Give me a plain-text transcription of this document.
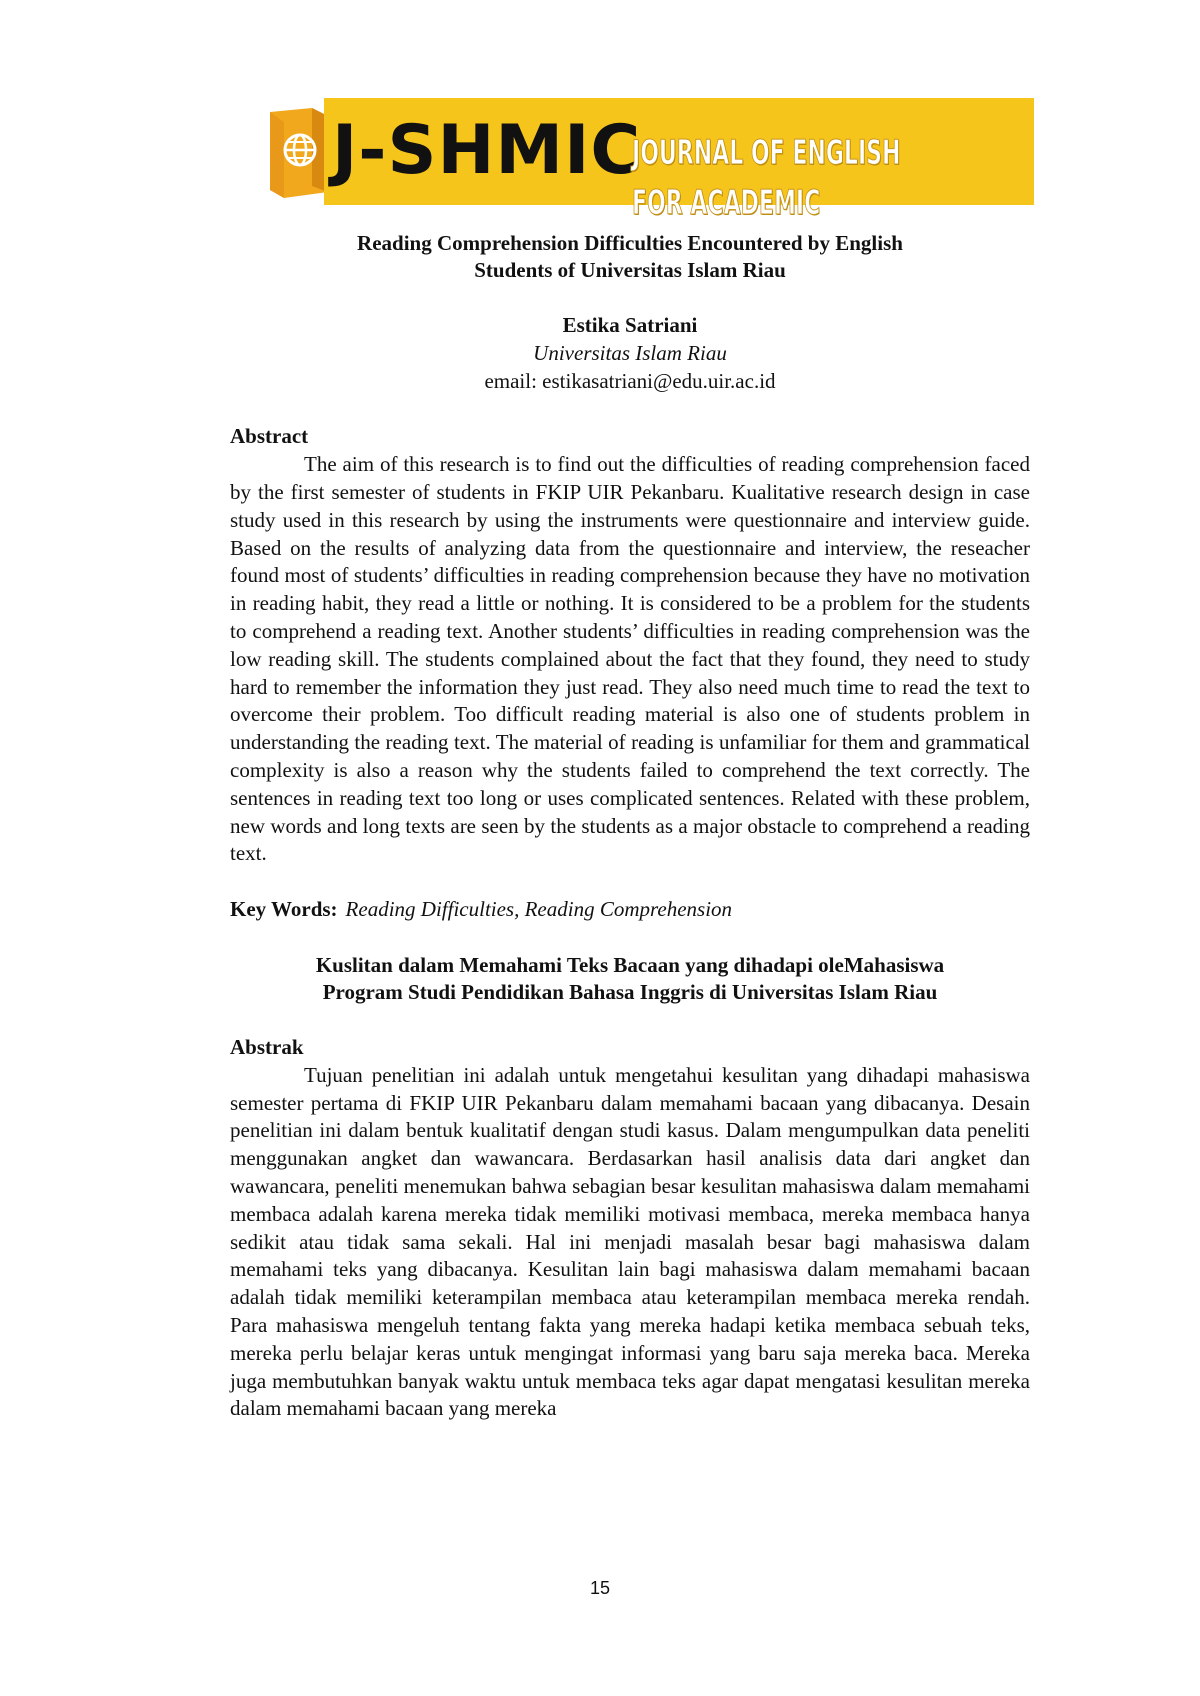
J-SHMIC
JOURNAL OF ENGLISH FOR ACADEMIC
Reading Comprehension Difficulties Encountered by English
Students of Universitas Islam Riau
Estika Satriani
Universitas Islam Riau
email: estikasatriani@edu.uir.ac.id
Abstract

The aim of this research is to find out the difficulties of reading comprehension faced by the first semester of students in FKIP UIR Pekanbaru. Kualitative research design in case study used in this research by using the instruments were questionnaire and interview guide. Based on the results of analyzing data from the questionnaire and interview, the reseacher found most of students’ difficulties in reading comprehension because they have no motivation in reading habit, they read a little or nothing. It is considered to be a problem for the students to comprehend a reading text. Another students’ difficulties in reading comprehension was the low reading skill. The students complained about the fact that they found, they need to study hard to remember the information they just read. They also need much time to read the text to overcome their problem. Too difficult reading material is also one of students problem in understanding the reading text. The material of reading is unfamiliar for them and grammatical complexity is also a reason why the students failed to comprehend the text correctly. The sentences in reading text too long or uses complicated sentences. Related with these problem, new words and long texts are seen by the students as a major obstacle to comprehend a reading text.

Key Words: Reading Difficulties, Reading Comprehension
Kuslitan dalam Memahami Teks Bacaan yang dihadapi oleMahasiswa
Program Studi Pendidikan Bahasa Inggris di Universitas Islam Riau
Abstrak

Tujuan penelitian ini adalah untuk mengetahui kesulitan yang dihadapi mahasiswa semester pertama di FKIP UIR Pekanbaru dalam memahami bacaan yang dibacanya. Desain penelitian ini dalam bentuk kualitatif dengan studi kasus. Dalam mengumpulkan data peneliti menggunakan angket dan wawancara. Berdasarkan hasil analisis data dari angket dan wawancara, peneliti menemukan bahwa sebagian besar kesulitan mahasiswa dalam memahami membaca adalah karena mereka tidak memiliki motivasi membaca, mereka membaca hanya sedikit atau tidak sama sekali. Hal ini menjadi masalah besar bagi mahasiswa dalam memahami teks yang dibacanya. Kesulitan lain bagi mahasiswa dalam memahami bacaan adalah tidak memiliki keterampilan membaca atau keterampilan membaca mereka rendah. Para mahasiswa mengeluh tentang fakta yang mereka hadapi ketika membaca sebuah teks, mereka perlu belajar keras untuk mengingat informasi yang baru saja mereka baca. Mereka juga membutuhkan banyak waktu untuk membaca teks agar dapat mengatasi kesulitan mereka dalam memahami bacaan yang mereka

15
